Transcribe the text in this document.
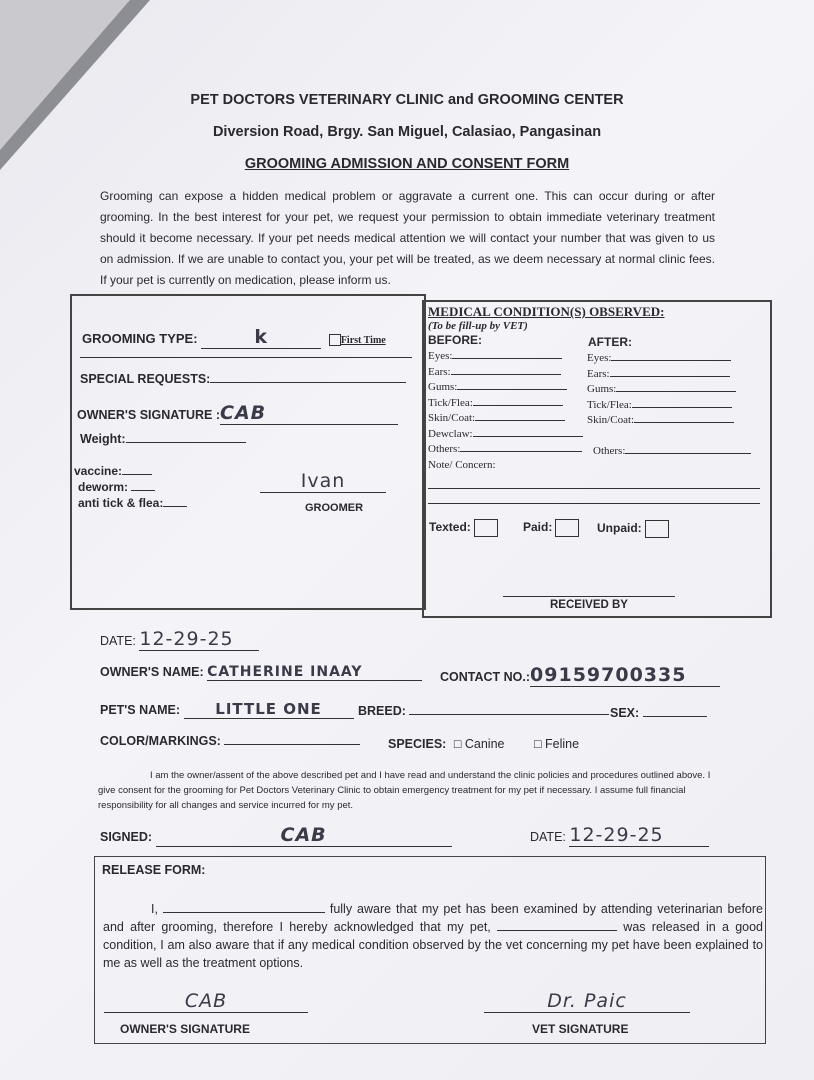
PET DOCTORS VETERINARY CLINIC and GROOMING CENTER
Diversion Road, Brgy. San Miguel, Calasiao, Pangasinan
GROOMING ADMISSION AND CONSENT FORM
Grooming can expose a hidden medical problem or aggravate a current one. This can occur during or after grooming. In the best interest for your pet, we request your permission to obtain immediate veterinary treatment should it become necessary. If your pet needs medical attention we will contact your number that was given to us on admission. If we are unable to contact you, your pet will be treated, as we deem necessary at normal clinic fees. If your pet is currently on medication, please inform us.
GROOMING TYPE:	k	First Time
SPECIAL REQUESTS:
OWNER'S SIGNATURE :CAB
Weight:
vaccine:
deworm:
anti tick & flea:
Ivan
GROOMER
MEDICAL CONDITION(S) OBSERVED:
(To be fill-up by VET)
BEFORE:	AFTER:
Eyes:	Eyes:
Ears:	Ears:
Gums:	Gums:
Tick/Flea:	Tick/Flea:
Skin/Coat:	Skin/Coat:
Dewclaw:
Others:	Others:
Note/ Concern:
Texted:	Paid:	Unpaid:
RECEIVED BY
DATE: 12-29-25
OWNER'S NAME: CATHERINE INAAY	CONTACT NO.:09159700335
PET'S NAME: LITTLE ONE	BREED:	SEX:
COLOR/MARKINGS:	SPECIES: □ Canine □ Feline
I am the owner/assent of the above described pet and I have read and understand the clinic policies and procedures outlined above. I give consent for the grooming for Pet Doctors Veterinary Clinic to obtain emergency treatment for my pet if necessary. I assume full financial responsibility for all changes and service incurred for my pet.
SIGNED:	CAB	DATE: 12-29-25
RELEASE FORM:
I,	fully aware that my pet has been examined by attending veterinarian before and after grooming, therefore I hereby acknowledged that my pet,	was released in a good condition, I am also aware that if any medical condition observed by the vet concerning my pet have been explained to me as well as the treatment options.
CAB
OWNER'S SIGNATURE
Dr. Paic
VET SIGNATURE
